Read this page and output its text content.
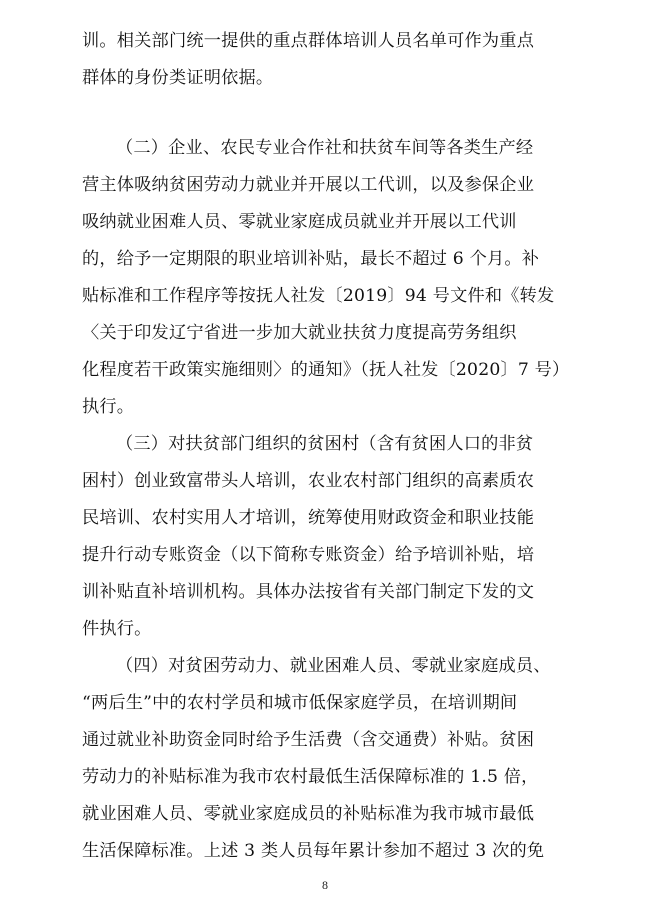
训。相关部门统一提供的重点群体培训人员名单可作为重点
群体的身份类证明依据。
（二）企业、农民专业合作社和扶贫车间等各类生产经
营主体吸纳贫困劳动力就业并开展以工代训，以及参保企业
吸纳就业困难人员、零就业家庭成员就业并开展以工代训
的，给予一定期限的职业培训补贴，最长不超过 6 个月。补
贴标准和工作程序等按抚人社发〔2019〕94 号文件和《转发
〈关于印发辽宁省进一步加大就业扶贫力度提高劳务组织
化程度若干政策实施细则〉的通知》（抚人社发〔2020〕7 号）
执行。
（三）对扶贫部门组织的贫困村（含有贫困人口的非贫
困村）创业致富带头人培训，农业农村部门组织的高素质农
民培训、农村实用人才培训，统筹使用财政资金和职业技能
提升行动专账资金（以下简称专账资金）给予培训补贴，培
训补贴直补培训机构。具体办法按省有关部门制定下发的文
件执行。
（四）对贫困劳动力、就业困难人员、零就业家庭成员、
“两后生”中的农村学员和城市低保家庭学员，在培训期间
通过就业补助资金同时给予生活费（含交通费）补贴。贫困
劳动力的补贴标准为我市农村最低生活保障标准的 1.5 倍，
就业困难人员、零就业家庭成员的补贴标准为我市城市最低
生活保障标准。上述 3 类人员每年累计参加不超过 3 次的免
8
